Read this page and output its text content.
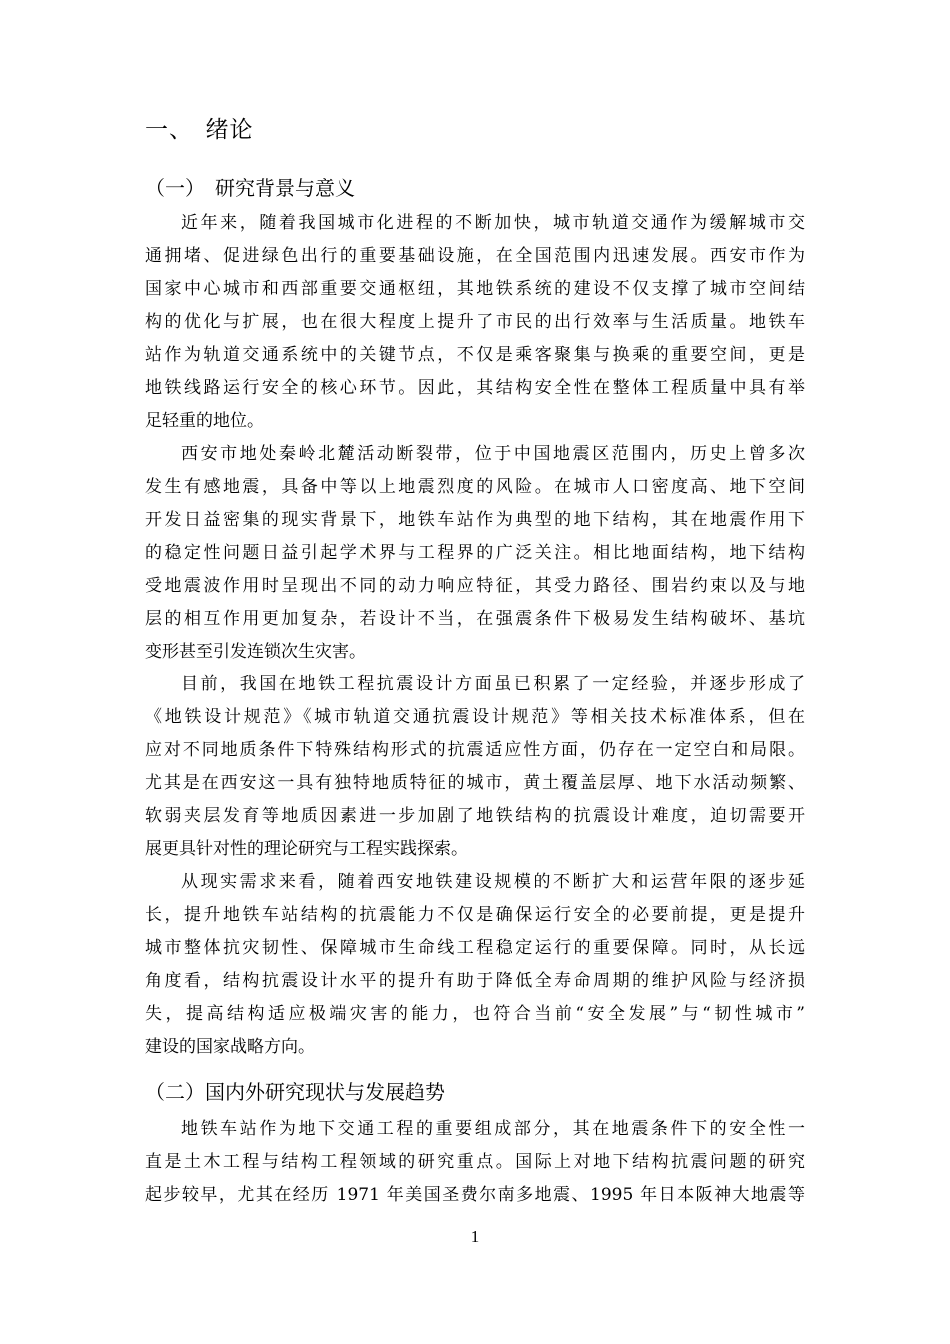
一、　绪论
（一）　研究背景与意义
近年来，随着我国城市化进程的不断加快，城市轨道交通作为缓解城市交
通拥堵、促进绿色出行的重要基础设施，在全国范围内迅速发展。西安市作为
国家中心城市和西部重要交通枢纽，其地铁系统的建设不仅支撑了城市空间结
构的优化与扩展，也在很大程度上提升了市民的出行效率与生活质量。地铁车
站作为轨道交通系统中的关键节点，不仅是乘客聚集与换乘的重要空间，更是
地铁线路运行安全的核心环节。因此，其结构安全性在整体工程质量中具有举
足轻重的地位。
西安市地处秦岭北麓活动断裂带，位于中国地震区范围内，历史上曾多次
发生有感地震，具备中等以上地震烈度的风险。在城市人口密度高、地下空间
开发日益密集的现实背景下，地铁车站作为典型的地下结构，其在地震作用下
的稳定性问题日益引起学术界与工程界的广泛关注。相比地面结构，地下结构
受地震波作用时呈现出不同的动力响应特征，其受力路径、围岩约束以及与地
层的相互作用更加复杂，若设计不当，在强震条件下极易发生结构破坏、基坑
变形甚至引发连锁次生灾害。
目前，我国在地铁工程抗震设计方面虽已积累了一定经验，并逐步形成了
《地铁设计规范》《城市轨道交通抗震设计规范》等相关技术标准体系，但在
应对不同地质条件下特殊结构形式的抗震适应性方面，仍存在一定空白和局限。
尤其是在西安这一具有独特地质特征的城市，黄土覆盖层厚、地下水活动频繁、
软弱夹层发育等地质因素进一步加剧了地铁结构的抗震设计难度，迫切需要开
展更具针对性的理论研究与工程实践探索。
从现实需求来看，随着西安地铁建设规模的不断扩大和运营年限的逐步延
长，提升地铁车站结构的抗震能力不仅是确保运行安全的必要前提，更是提升
城市整体抗灾韧性、保障城市生命线工程稳定运行的重要保障。同时，从长远
角度看，结构抗震设计水平的提升有助于降低全寿命周期的维护风险与经济损
失，提高结构适应极端灾害的能力，也符合当前“安全发展”与“韧性城市”
建设的国家战略方向。
（二）国内外研究现状与发展趋势
地铁车站作为地下交通工程的重要组成部分，其在地震条件下的安全性一
直是土木工程与结构工程领域的研究重点。国际上对地下结构抗震问题的研究
起步较早，尤其在经历 1971 年美国圣费尔南多地震、1995 年日本阪神大地震等
1
